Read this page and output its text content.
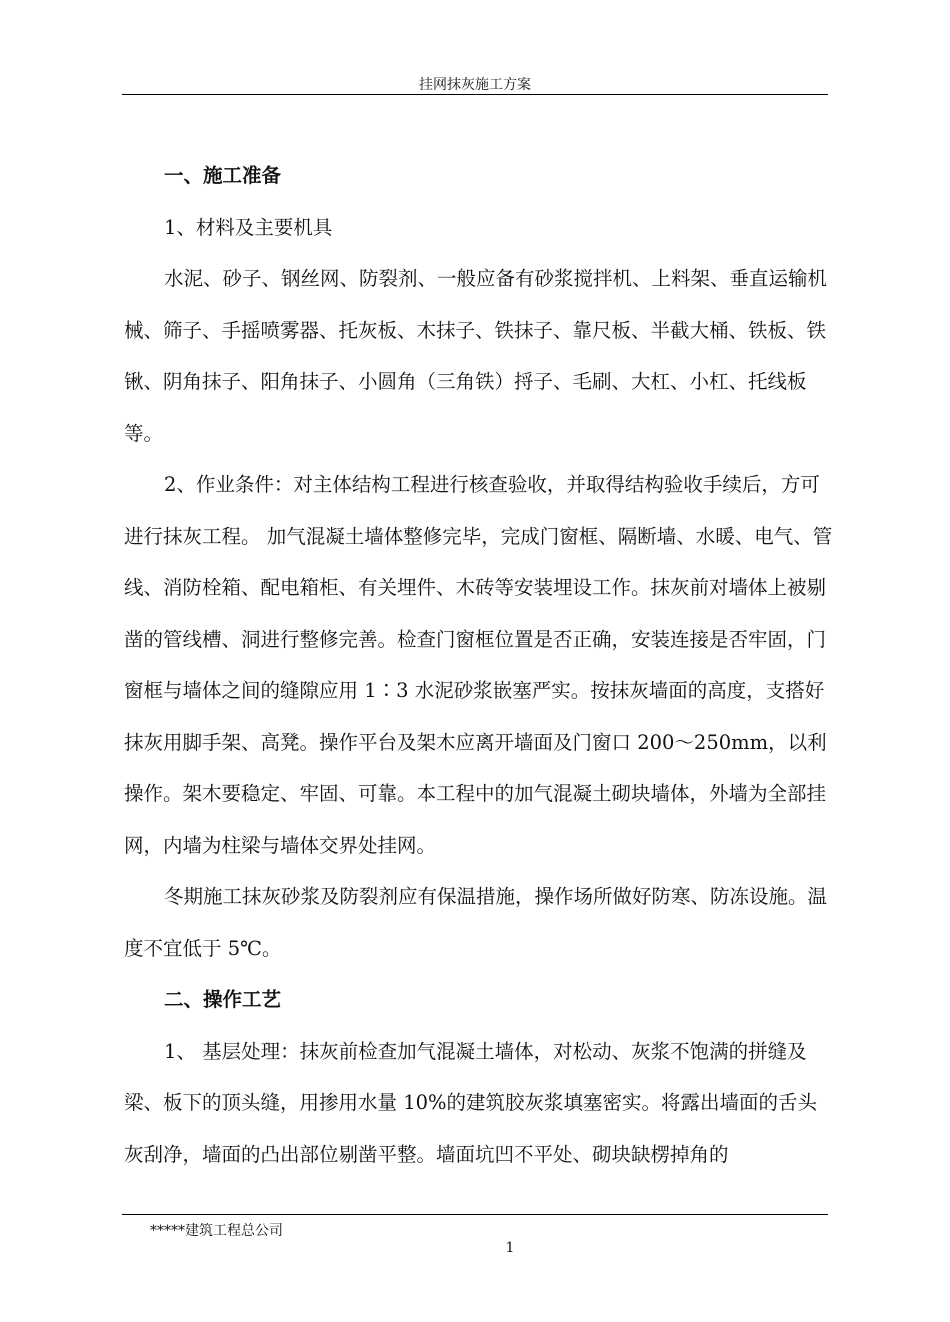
挂网抹灰施工方案

一、施工准备

1、材料及主要机具

水泥、砂子、钢丝网、防裂剂、一般应备有砂浆搅拌机、上料架、垂直运输机械、筛子、手摇喷雾器、托灰板、木抹子、铁抹子、靠尺板、半截大桶、铁板、铁锹、阴角抹子、阳角抹子、小圆角（三角铁）捋子、毛刷、大杠、小杠、托线板等。

2、作业条件：对主体结构工程进行核查验收，并取得结构验收手续后，方可进行抹灰工程。 加气混凝土墙体整修完毕，完成门窗框、隔断墙、水暖、电气、管线、消防栓箱、配电箱柜、有关埋件、木砖等安装埋设工作。抹灰前对墙体上被剔凿的管线槽、洞进行整修完善。检查门窗框位置是否正确，安装连接是否牢固，门窗框与墙体之间的缝隙应用 1∶3 水泥砂浆嵌塞严实。按抹灰墙面的高度，支搭好抹灰用脚手架、高凳。操作平台及架木应离开墙面及门窗口 200～250mm，以利操作。架木要稳定、牢固、可靠。本工程中的加气混凝土砌块墙体，外墙为全部挂网，内墙为柱梁与墙体交界处挂网。

冬期施工抹灰砂浆及防裂剂应有保温措施，操作场所做好防寒、防冻设施。温度不宜低于 5℃。

二、操作工艺

1、 基层处理：抹灰前检查加气混凝土墙体，对松动、灰浆不饱满的拼缝及梁、板下的顶头缝，用掺用水量 10%的建筑胶灰浆填塞密实。将露出墙面的舌头灰刮净，墙面的凸出部位剔凿平整。墙面坑凹不平处、砌块缺楞掉角的

*****建筑工程总公司
1
